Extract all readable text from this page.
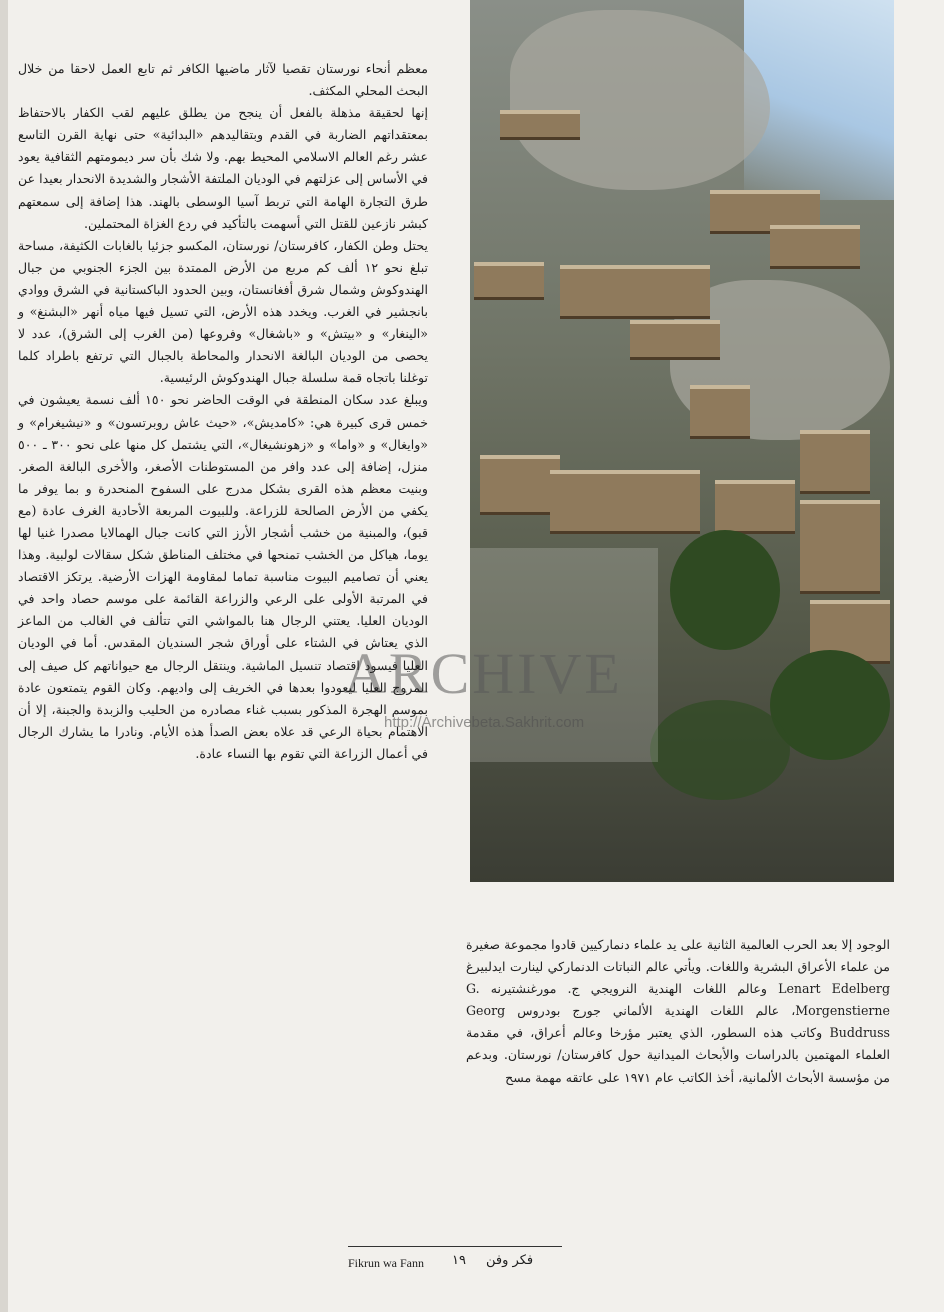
ARCHIVE
http://Archivebeta.Sakhrit.com

معظم أنحاء نورستان تقصيا لآثار ماضيها الكافر ثم تابع العمل لاحقا من خلال البحث المحلي المكثف.

إنها لحقيقة مذهلة بالفعل أن ينجح من يطلق عليهم لقب الكفار بالاحتفاظ بمعتقداتهم الضاربة في القدم وبتقاليدهم «البدائية» حتى نهاية القرن التاسع عشر رغم العالم الاسلامي المحيط بهم. ولا شك بأن سر ديمومتهم الثقافية يعود في الأساس إلى عزلتهم في الوديان الملتفة الأشجار والشديدة الانحدار بعيدا عن طرق التجارة الهامة التي تربط آسيا الوسطى بالهند. هذا إضافة إلى سمعتهم كبشر نازعين للقتل التي أسهمت بالتأكيد في ردع الغزاة المحتملين.

يحتل وطن الكفار، كافرستان/ نورستان، المكسو جزئيا بالغابات الكثيفة، مساحة تبلغ نحو ١٢ ألف كم مربع من الأرض الممتدة بين الجزء الجنوبي من جبال الهندوكوش وشمال شرق أفغانستان، وبين الحدود الباكستانية في الشرق ووادي بانجشير في الغرب. ويخدد هذه الأرض، التي تسيل فيها مياه أنهر «البشنغ» و «الينغار» و «بيتش» و «باشغال» وفروعها (من الغرب إلى الشرق)، عدد لا يحصى من الوديان البالغة الانحدار والمحاطة بالجبال التي ترتفع باطراد كلما توغلنا باتجاه قمة سلسلة جبال الهندوكوش الرئيسية.

ويبلغ عدد سكان المنطقة في الوقت الحاضر نحو ١٥٠ ألف نسمة يعيشون في خمس قرى كبيرة هي: «كامديش»، «حيث عاش روبرتسون» و «نيشيغرام» و «وايغال» و «واما» و «زهونشيغال»، التي يشتمل كل منها على نحو ٣٠٠ ـ ٥٠٠ منزل، إضافة إلى عدد وافر من المستوطنات الأصغر، والأخرى البالغة الصغر. وبنيت معظم هذه القرى بشكل مدرج على السفوح المنحدرة و بما يوفر ما يكفي من الأرض الصالحة للزراعة. وللبيوت المربعة الأحادية الغرف عادة (مع قبو)، والمبنية من خشب أشجار الأرز التي كانت جبال الهمالايا مصدرا غنيا لها يوما، هياكل من الخشب تمنحها في مختلف المناطق شكل سقالات لولبية. وهذا يعني أن تصاميم البيوت مناسبة تماما لمقاومة الهزات الأرضية. يرتكز الاقتصاد في المرتبة الأولى على الرعي والزراعة القائمة على موسم حصاد واحد في الوديان العليا. يعتني الرجال هنا بالمواشي التي تتألف في الغالب من الماعز الذي يعتاش في الشتاء على أوراق شجر السنديان المقدس. أما في الوديان العليا فيسود اقتصاد تنسيل الماشية. وينتقل الرجال مع حيواناتهم كل صيف إلى المروج العليا ليعودوا بعدها في الخريف إلى واديهم. وكان القوم يتمتعون عادة بموسم الهجرة المذكور بسبب غناء مصادره من الحليب والزبدة والجبنة، إلا أن الاهتمام بحياة الرعي قد علاه بعض الصدأ هذه الأيام. ونادرا ما يشارك الرجال في أعمال الزراعة التي تقوم بها النساء عادة.

الوجود إلا بعد الحرب العالمية الثانية على يد علماء دنماركيين قادوا مجموعة صغيرة من علماء الأعراق البشرية واللغات. ويأتي عالم النباتات الدنماركي لينارت ايدلبيرغ Lenart Edelberg وعالم اللغات الهندية النرويجي ج. مورغنشتيرنه G. Morgenstierne، عالم اللغات الهندية الألماني جورج بودروس Georg Buddruss وكاتب هذه السطور، الذي يعتبر مؤرخا وعالم أعراق، في مقدمة العلماء المهتمين بالدراسات والأبحاث الميدانية حول كافرستان/ نورستان. وبدعم من مؤسسة الأبحاث الألمانية، أخذ الكاتب عام ١٩٧١ على عاتقه مهمة مسح

Fikrun wa Fann ١٩ فكر وفن
